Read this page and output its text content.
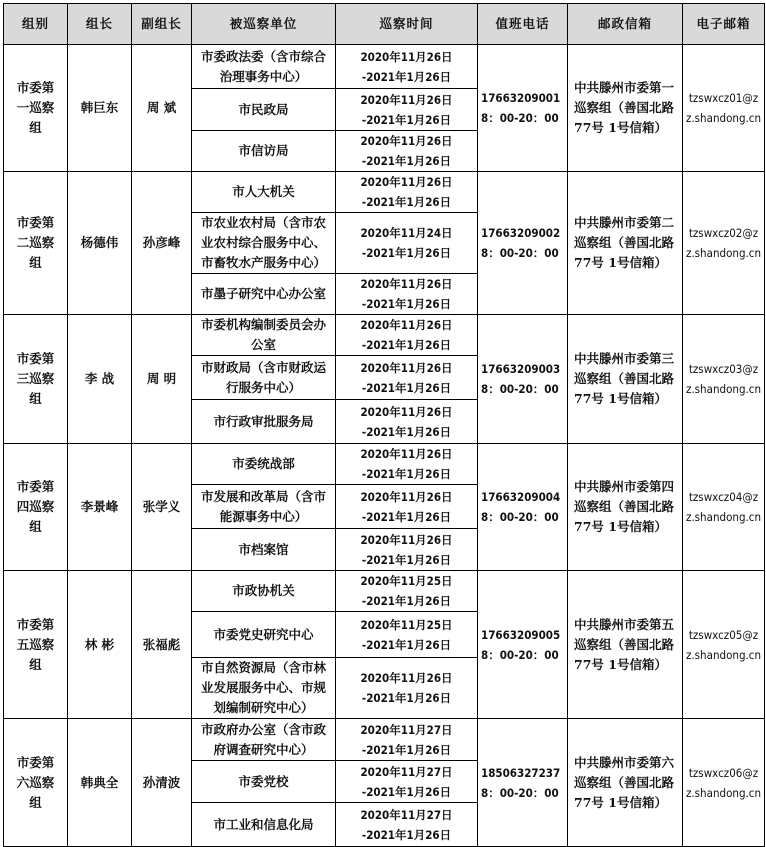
组别	组长	副组长	被巡察单位	巡察时间	值班电话	邮政信箱	电子邮箱
市委第一巡察组	韩巨东	周 斌	市委政法委（含市综合治理事务中心）	2020年11月26日
-2021年1月26日	17663209001 8：00-20：00	中共滕州市委第一巡察组（善国北路 77号 1号信箱）	tzswxcz01@zz.shandong.cn
			市民政局	2020年11月26日
-2021年1月26日			

			市信访局	2020年11月26日
-2021年1月26日			

市委第二巡察组	杨德伟	孙彦峰	市人大机关	2020年11月26日
-2021年1月26日	17663209002 8：00-20：00	中共滕州市委第二巡察组（善国北路 77号 1号信箱）	tzswxcz02@zz.shandong.cn
			市农业农村局（含市农业农村综合服务中心、市畜牧水产服务中心）	2020年11月24日
-2021年1月26日			

			市墨子研究中心办公室	2020年11月26日
-2021年1月26日			

市委第三巡察组	李 战	周 明	市委机构编制委员会办公室	2020年11月26日
-2021年1月26日	17663209003 8：00-20：00	中共滕州市委第三巡察组（善国北路 77号 1号信箱）	tzswxcz03@zz.shandong.cn
			市财政局（含市财政运行服务中心）	2020年11月26日
-2021年1月26日			

			市行政审批服务局	2020年11月26日
-2021年1月26日			

市委第四巡察组	李景峰	张学义	市委统战部	2020年11月26日
-2021年1月26日	17663209004 8：00-20：00	中共滕州市委第四巡察组（善国北路 77号 1号信箱）	tzswxcz04@zz.shandong.cn
			市发展和改革局（含市能源事务中心）	2020年11月26日
-2021年1月26日			

			市档案馆	2020年11月26日
-2021年1月26日			

市委第五巡察组	林 彬	张福彪	市政协机关	2020年11月25日
-2021年1月26日	17663209005 8：00-20：00	中共滕州市委第五巡察组（善国北路 77号 1号信箱）	tzswxcz05@zz.shandong.cn
			市委党史研究中心	2020年11月25日
-2021年1月26日			

			市自然资源局（含市林业发展服务中心、市规划编制研究中心）	2020年11月26日
-2021年1月26日			

市委第六巡察组	韩典全	孙清波	市政府办公室（含市政府调查研究中心）	2020年11月27日
-2021年1月26日	18506327237 8：00-20：00	中共滕州市委第六巡察组（善国北路 77号 1号信箱）	tzswxcz06@zz.shandong.cn
			市委党校	2020年11月27日
-2021年1月26日			

			市工业和信息化局	2020年11月27日
-2021年1月26日			
